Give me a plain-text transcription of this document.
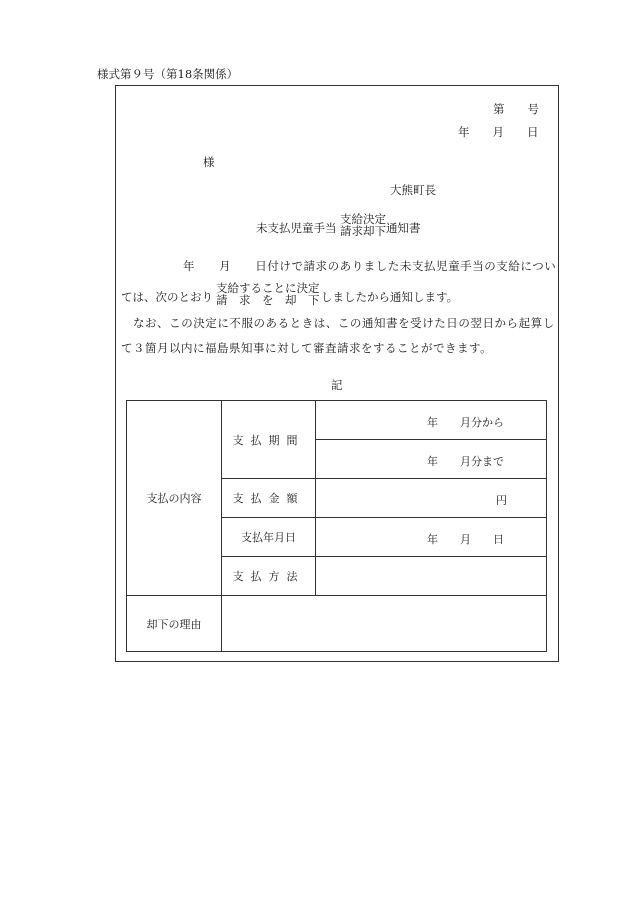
様式第９号（第18条関係）
第　　号
年　　月　　日
様
大熊町長
未支払児童手当
支給決定
請求却下 通知書
年　　月　　日付けで請求のありました未支払児童手当の支給につい
ては、次のとおり
支給することに決定
請　求　を　却　下 しましたから通知します。
なお、この決定に不服のあるときは、この通知書を受けた日の翌日から起算し
て３箇月以内に福島県知事に対して審査請求をすることができます。
記
支払の内容	支払期間	年　　月分から

		年　　月分まで

	支払金額	円

	支払年月日	年　　月　　日

	支払方法	
却下の理由		
